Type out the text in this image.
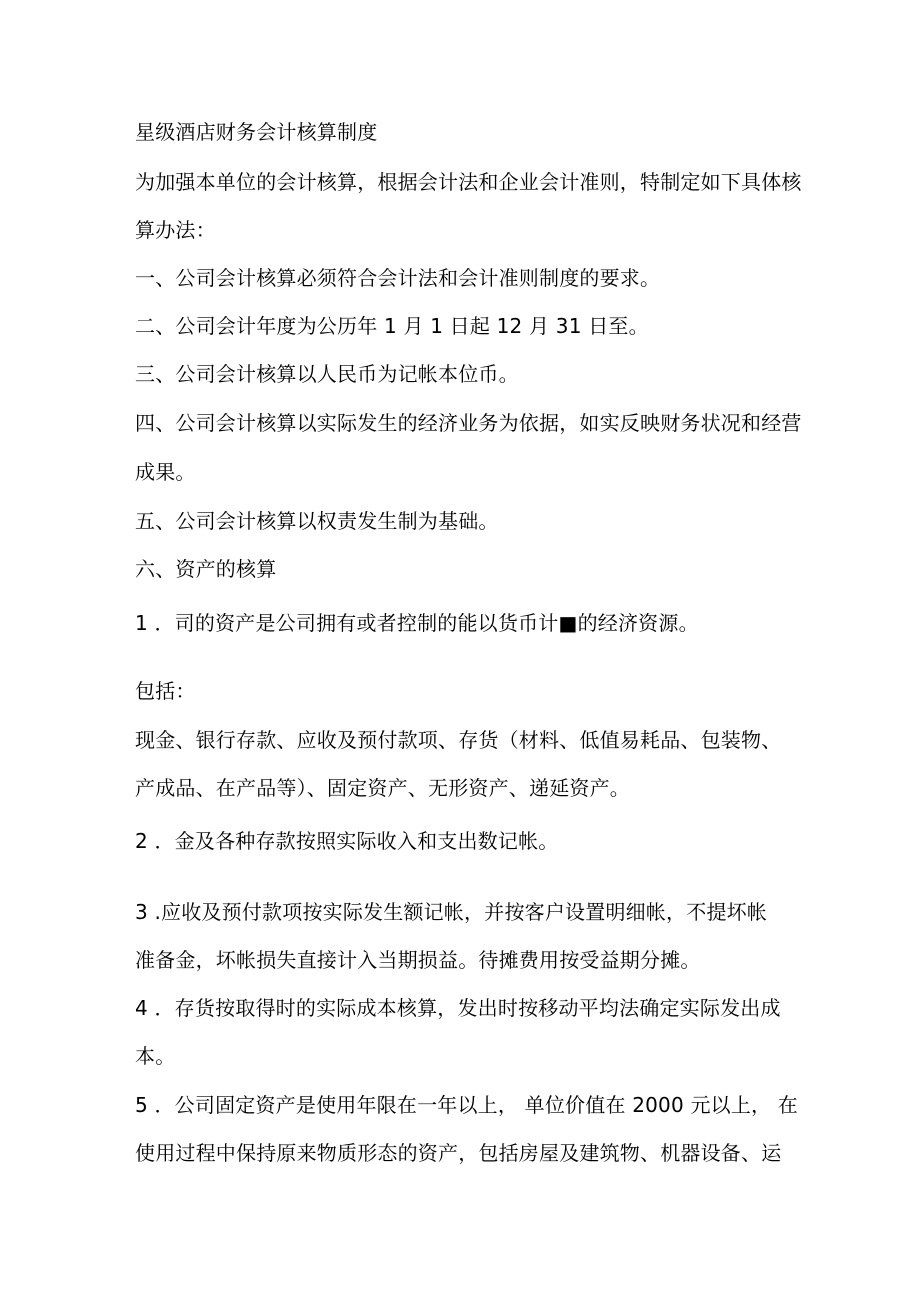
星级酒店财务会计核算制度
为加强本单位的会计核算，根据会计法和企业会计准则，特制定如下具体核
算办法：
一、公司会计核算必须符合会计法和会计准则制度的要求。
二、公司会计年度为公历年 1 月 1 日起 12 月 31 日至。
三、公司会计核算以人民币为记帐本位币。
四、公司会计核算以实际发生的经济业务为依据，如实反映财务状况和经营
成果。
五、公司会计核算以权责发生制为基础。
六、资产的核算
1 ．司的资产是公司拥有或者控制的能以货币计■的经济资源。
包括：
现金、银行存款、应收及预付款项、存货（材料、低值易耗品、包装物、
产成品、在产品等）、固定资产、无形资产、递延资产。
2 ．金及各种存款按照实际收入和支出数记帐。
3 .应收及预付款项按实际发生额记帐，并按客户设置明细帐，不提坏帐
准备金，坏帐损失直接计入当期损益。待摊费用按受益期分摊。
4 ．存货按取得时的实际成本核算，发出时按移动平均法确定实际发出成
本。
5 ．公司固定资产是使用年限在一年以上， 单位价值在 2000 元以上， 在
使用过程中保持原来物质形态的资产，包括房屋及建筑物、机器设备、运
